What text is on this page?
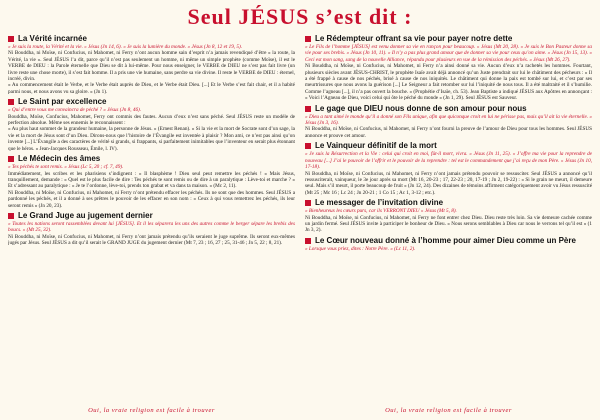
Seul JÉSUS s’est dit :
La Vérité incarnée
« Je suis la route, la Vérité et la vie. » Jésus (Jn 14, 6). « Je suis la lumière du monde. » Jésus (Jn 8, 12 et 19, 5).
Ni Bouddha, ni Moïse, ni Confucius, ni Mahomet, ni Ferry n’ont aucun homme sain d’esprit n’a jamais revendiqué d’être « la route, la Vérité, la vie ». Seul JÉSUS l’a dit, parce qu’il n’est pas seulement un homme, ni même un simple prophète (comme Moïse), il est le VERBE de DIEU : la Parole éternelle que Dieu se dit à lui-même. Pour nous enseigner, le VERBE de DIEU ne s’est pas fait livre (un livre reste une chose morte), il s’est fait homme. Il a pris une vie humaine, sans perdre sa vie divine. Il reste le VERBE de DIEU : éternel, incréé, divin.
« Au commencement était le Verbe, et le Verbe était auprès de Dieu, et le Verbe était Dieu. [...] Et le Verbe s’est fait chair, et il a habité parmi nous, et nous avons vu sa gloire. » (Jn 1).
Le Saint par excellence
« Qui d’entre vous me convaincra de péché ? » Jésus (Jn 8, 46).
Bouddha, Moïse, Confucius, Mahomet, Ferry ont commis des fautes. Aucun d’eux n’est sans péché. Seul JÉSUS reste un modèle de perfection absolue. Même ses ennemis le reconnaissent :
« Au plus haut sommet de la grandeur humaine, la personne de Jésus. » (Ernest Renan). « Si la vie et la mort de Socrate sont d’un sage, la vie et la mort de Jésus sont d’un Dieu. Dirons-nous que l’histoire de l’Évangile est inventée à plaisir ? Mon ami, ce n’est pas ainsi qu’on invente [...] L’Évangile a des caractères de vérité si grands, si frappants, si parfaitement inimitables que l’inventeur en serait plus étonnant que le héros. » Jean-Jacques Rousseau, Émile, l. IV).
Le Médecin des âmes
« Tes péchés te sont remis. » Jésus (Lc 5, 20 ; cf. 7, 49).
Immédiatement, les scribes et les pharisiens s’indignent : « Il blasphème ! Dieu seul peut remettre les péchés ! » Mais Jésus, tranquillement, demande : « Quel est le plus facile de dire : Tes péchés te sont remis ou de dire à un paralytique : Lève-toi et marche ? » Et s’adressant au paralytique : « Je te l’ordonne, lève-toi, prends ton grabat et va dans ta maison. » (Mc 2, 11).
Ni Bouddha, ni Moïse, ni Confucius, ni Mahomet, ni Ferry n’ont prétendu effacer les péchés. Ils ne sont que des hommes. Seul JÉSUS a pardonné les péchés, et il a donné à ses prêtres le pouvoir de les effacer en son nom : « Ceux à qui vous remettrez les péchés, ils leur seront remis » (Jn 20, 23).
Le Grand Juge au jugement dernier
« Toutes les nations seront rassemblées devant lui [JÉSUS]. Et il les séparera les uns des autres comme le berger sépare les brebis des boucs. » (Mt 25, 32).
Ni Bouddha, ni Moïse, ni Confucius, ni Mahomet, ni Ferry n’ont jamais prétendu qu’ils seraient le juge suprême. Ils seront eux-mêmes jugés par Jésus. Seul JÉSUS a dit qu’il serait le GRAND JUGE du jugement dernier (Mt 7, 23 ; 16, 27 ; 25, 31-46 ; Jn 5, 22 ; 8, 21).
Le Rédempteur offrant sa vie pour payer notre dette
« Le Fils de l’homme [JÉSUS] est venu donner sa vie en rançon pour beaucoup. » Jésus (Mt 20, 28). « Je suis le Bon Pasteur donne sa vie pour ses brebis. » Jésus (Jn 10, 11). « Il n’y a pas plus grand amour que de donner sa vie pour ceux qu’on aime. » Jésus (Jn 15, 13). « Ceci est mon sang, sang de la nouvelle Alliance, répandu pour plusieurs en vue de la rémission des péchés. » Jésus (Mt 26, 27).
Ni Bouddha, ni Moïse, ni Confucius, ni Mahomet, ni Ferry n’a ainsi donné sa vie. Aucun d’eux n’a rachetés les hommes. Fourtant, plusieurs siècles avant JÉSUS-CHRIST, le prophète Isaïe avait déjà annoncé qu’un Juste prendrait sur lui le châtiment des pécheurs : « Il a été frappé à cause de nos péchés, brisé à cause de nos iniquités. Le châtiment qui donne la paix est tombé sur lui, et c’est par ses meurtrissures que nous avons la guérison [...] Le Seigneur a fait retomber sur lui l’iniquité de nous tous. Il a été maltraité et il s’humilie. Comme l’agneau [...], il n’a pas ouvert la bouche. » (Prophétie d’Isaïe, ch. 53). Jean Baptiste a indiqué JÉSUS aux Apôtres en annonçant : « Voici l’Agneau de Dieu, voici celui qui ôte le péché du monde » (Jn 1, 29). Seul JÉSUS est Sauveur.
Le gage que DIEU nous donne de son amour pour nous
« Dieu a tant aimé le monde qu’il a donné son Fils unique, afin que quiconque croit en lui ne périsse pas, mais qu’il ait la vie éternelle. » Jésus (Jn 3, 16).
Ni Bouddha, ni Moïse, ni Confucius, ni Mahomet, ni Ferry n’ont fourni la preuve de l’amour de Dieu pour tous les hommes. Seul JÉSUS annonce et prouve cet amour.
Le Vainqueur définitif de la mort
« Je suis la Résurrection et la Vie : celui qui croit en moi, fût-il mort, vivra. » Jésus (Jn 11, 25). « J’offre ma vie pour la reprendre de nouveau [...] J’ai le pouvoir de l’offrir et le pouvoir de la reprendre : tel est le commandement que j’ai reçu de mon Père. » Jésus (Jn 10, 17-18).
Ni Bouddha, ni Moïse, ni Confucius, ni Mahomet, ni Ferry n’ont jamais prétendu pouvoir se ressusciter. Seul JÉSUS a annoncé qu’il ressusciterait, vainqueur, le 3e jour après sa mort (Mt 16, 20-23 ; 17, 22-23 ; 20, 17-19 ; Jn 2, 19-22) : « Si le grain ne meurt, il demeure seul. Mais s’il meurt, il porte beaucoup de fruit » (Jn 12, 24). Des dizaines de témoins affirment catégoriquement avoir vu Jésus ressuscité (Mt 25 ; Mc 16 ; Lc 24 ; Jn 20-21 ; 1 Co 15 ; Ac 1, 3-12 ; etc.).
Le messager de l’invitation divine
« Bienheureux les cœurs purs, car ils VERRONT DIEU » Jésus (Mt 5, 8).
Ni Bouddha, ni Moïse, ni Confucius, ni Mahomet, ni Ferry ne font entrer chez Dieu. Dieu reste très loin. Sa vie demeure cachée comme un jardin fermé. Seul JÉSUS invite à participer le bonheur de Dieu. « Nous serons semblables à Dieu car nous le verrons tel qu’il est » (1 Jn 3, 2).
Le Cœur nouveau donné à l’homme pour aimer Dieu comme un Père
« Lorsque vous priez, dites : Notre Père. » (Lc 11, 2).
Oui, la vraie religion est facile à trouver	Oui, la vraie religion est facile à trouver
